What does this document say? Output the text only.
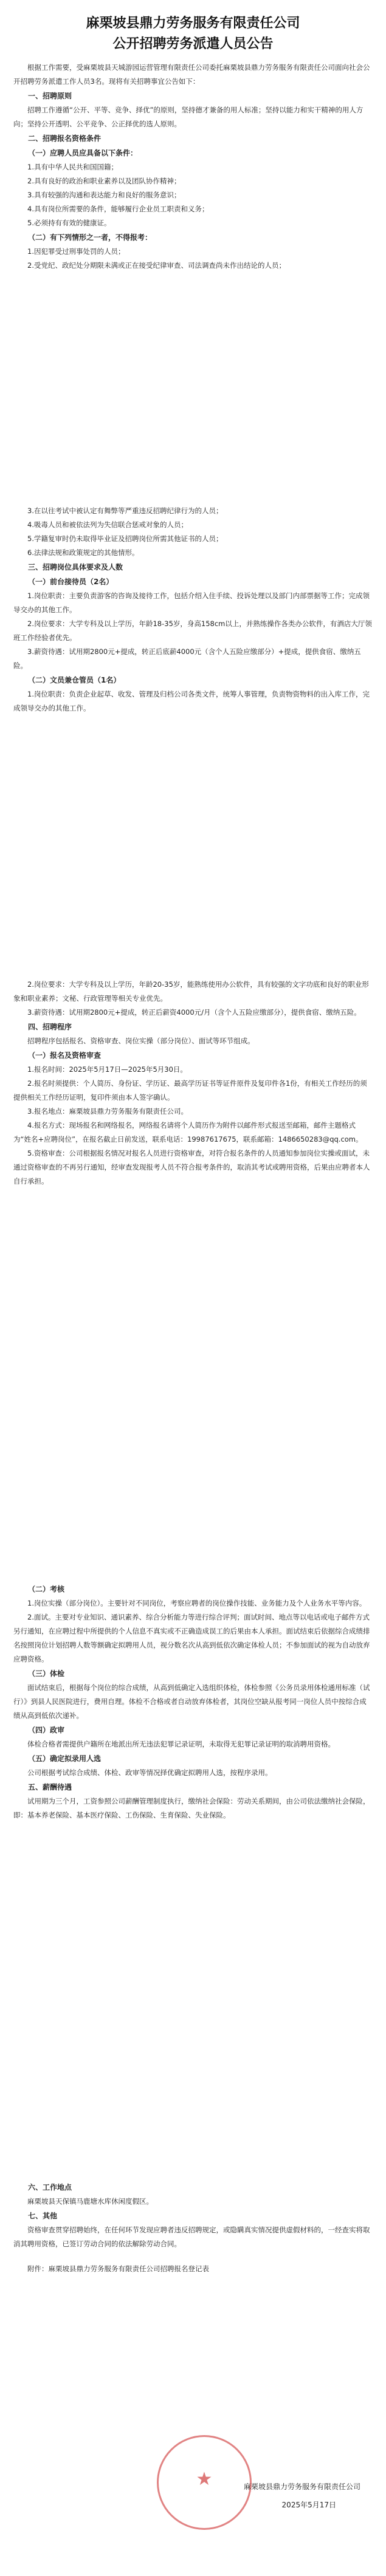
麻栗坡县鼎力劳务服务有限责任公司
公开招聘劳务派遣人员公告

根据工作需要，受麻栗坡县天城游园运营管理有限责任公司委托麻栗坡县鼎力劳务服务有限责任公司面向社会公开招聘劳务派遣工作人员3名。现将有关招聘事宜公告如下：

一、招聘原则

招聘工作遵循“公开、平等、竞争、择优”的原则，坚持德才兼备的用人标准；坚持以能力和实干精神的用人方向；坚持公开透明、公平竞争、公正择优的选人原则。

二、招聘报名资格条件

（一）应聘人员应具备以下条件：

1.具有中华人民共和国国籍；

2.具有良好的政治和职业素养以及团队协作精神；

3.具有较强的沟通和表达能力和良好的服务意识；

4.具有岗位所需要的条件，能够履行企业员工职责和义务；

5.必须持有有效的健康证。

（二）有下列情形之一者，不得报考：

1.因犯罪受过刑事处罚的人员；

2.受党纪、政纪处分期限未满或正在接受纪律审查、司法调查尚未作出结论的人员；

3.在以往考试中被认定有舞弊等严重违反招聘纪律行为的人员；

4.吸毒人员和被依法列为失信联合惩戒对象的人员；

5.学籍复审时仍未取得毕业证及招聘岗位所需其他证书的人员；

6.法律法规和政策规定的其他情形。

三、招聘岗位具体要求及人数

（一）前台接待员（2名）

1.岗位职责：主要负责游客的咨询及接待工作，包括介绍入住手续、投诉处理以及部门内部票据等工作；完成领导交办的其他工作。

2.岗位要求：大学专科及以上学历，年龄18-35岁，身高158cm以上，并熟练操作各类办公软件，有酒店大厅领班工作经验者优先。

3.薪资待遇：试用期2800元+提成，转正后底薪4000元（含个人五险应缴部分）+提成，提供食宿、缴纳五险。

（二）文员兼仓管员（1名）

1.岗位职责：负责企业起草、收发、管理及归档公司各类文件，统筹人事管理，负责物资物料的出入库工作，完成领导交办的其他工作。

2.岗位要求：大学专科及以上学历，年龄20-35岁，能熟练使用办公软件，具有较强的文字功底和良好的职业形象和职业素养；文秘、行政管理等相关专业优先。

3.薪资待遇：试用期2800元+提成，转正后薪资4000元/月（含个人五险应缴部分），提供食宿、缴纳五险。

四、招聘程序

招聘程序包括报名、资格审查、岗位实操（部分岗位）、面试等环节组成。

（一）报名及资格审查

1.报名时间：2025年5月17日—2025年5月30日。

2.报名时须提供：个人简历、身份证、学历证、最高学历证书等证件原件及复印件各1份，有相关工作经历的须提供相关工作经历证明，复印件须由本人签字确认。

3.报名地点：麻栗坡县鼎力劳务服务有限责任公司。

4.报名方式：现场报名和网络报名，网络报名请将个人简历作为附件以邮件形式报送至邮箱，邮件主题格式为“姓名+应聘岗位”，在报名截止日前发送，联系电话：19987617675，联系邮箱：1486650283@qq.com。

5.资格审查：公司根据报名情况对报名人员进行资格审查，对符合报名条件的人员通知参加岗位实操或面试，未通过资格审查的不再另行通知，经审查发现报考人员不符合报考条件的，取消其考试或聘用资格，后果由应聘者本人自行承担。

（二）考核

1.岗位实操（部分岗位）。主要针对不同岗位，考察应聘者的岗位操作技能、业务能力及个人业务水平等内容。

2.面试。主要对专业知识、通识素养、综合分析能力等进行综合评判；面试时间、地点等以电话或电子邮件方式另行通知，在应聘过程中所提供的个人信息不真实或不正确造成误工的后果由本人承担。面试结束后依据综合成绩排名按照岗位计划招聘人数等额确定拟聘用人员，视分数名次从高到低依次确定体检人员；不参加面试的视为自动放弃应聘资格。

（三）体检

面试结束后，根据每个岗位的综合成绩，从高到低确定入选组织体检，体检参照《公务员录用体检通用标准（试行）》到县人民医院进行，费用自理。体检不合格或者自动放弃体检者，其岗位空缺从报考同一岗位人员中按综合成绩从高到低依次递补。

（四）政审

体检合格者需提供户籍所在地派出所无违法犯罪记录证明，未取得无犯罪记录证明的取消聘用资格。

（五）确定拟录用人选

公司根据考试综合成绩、体检、政审等情况择优确定拟聘用人选，按程序录用。

五、薪酬待遇

试用期为三个月，工资参照公司薪酬管理制度执行，缴纳社会保险：劳动关系期间，由公司依法缴纳社会保险，即：基本养老保险、基本医疗保险、工伤保险、生育保险、失业保险。

六、工作地点

麻栗坡县天保镇马鹿塘水库休闲度假区。

七、其他

资格审查贯穿招聘始终，在任何环节发现应聘者违反招聘规定，或隐瞒真实情况提供虚假材料的，一经查实将取消其聘用资格，已签订劳动合同的依法解除劳动合同。

附件：麻栗坡县鼎力劳务服务有限责任公司招聘报名登记表

★	麻栗坡县鼎力劳务服务有限责任公司
2025年5月17日
